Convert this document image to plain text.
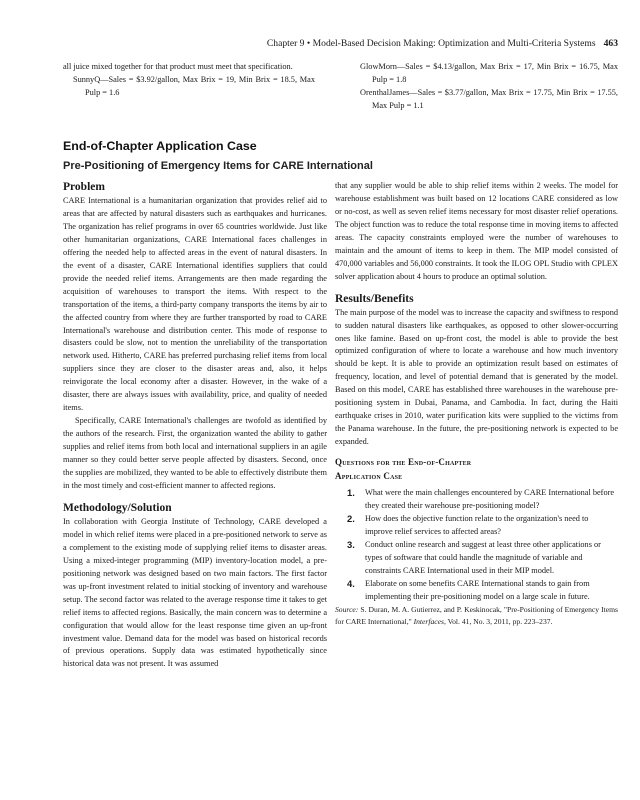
Chapter 9 • Model-Based Decision Making: Optimization and Multi-Criteria Systems 463

all juice mixed together for that product must meet that specification.

SunnyQ—Sales = $3.92/gallon, Max Brix = 19, Min Brix = 18.5, Max Pulp = 1.6

GlowMorn—Sales = $4.13/gallon, Max Brix = 17, Min Brix = 16.75, Max Pulp = 1.8

OrenthalJames—Sales = $3.77/gallon, Max Brix = 17.75, Min Brix = 17.55, Max Pulp = 1.1

End-of-Chapter Application Case
Pre-Positioning of Emergency Items for CARE International
Problem

CARE International is a humanitarian organization that provides relief aid to areas that are affected by natural disasters such as earthquakes and hurricanes. The organization has relief programs in over 65 countries worldwide. Just like other humanitarian organizations, CARE International faces challenges in offering the needed help to affected areas in the event of natural disasters. In the event of a disaster, CARE International identifies suppliers that could provide the needed relief items. Arrangements are then made regarding the acquisition of warehouses to transport the items. With respect to the transportation of the items, a third-party company transports the items by air to the affected country from where they are further transported by road to CARE International's warehouse and distribution center. This mode of response to disasters could be slow, not to mention the unreliability of the transportation network used. Hitherto, CARE has preferred purchasing relief items from local suppliers since they are closer to the disaster areas and, also, it helps reinvigorate the local economy after a disaster. However, in the wake of a disaster, there are always issues with availability, price, and quality of needed items.

Specifically, CARE International's challenges are twofold as identified by the authors of the research. First, the organization wanted the ability to gather supplies and relief items from both local and international suppliers in an agile manner so they could better serve people affected by disasters. Second, once the supplies are mobilized, they wanted to be able to effectively distribute them in the most timely and cost-efficient manner to affected regions.

Methodology/Solution

In collaboration with Georgia Institute of Technology, CARE developed a model in which relief items were placed in a pre-positioned network to serve as a complement to the existing mode of supplying relief items to disaster areas. Using a mixed-integer programming (MIP) inventory-location model, a pre-positioning network was designed based on two main factors. The first factor was up-front investment related to initial stocking of inventory and warehouse setup. The second factor was related to the average response time it takes to get relief items to affected regions. Basically, the main concern was to determine a configuration that would allow for the least response time given an up-front investment value. Demand data for the model was based on historical records of previous operations. Supply data was estimated hypothetically since historical data was not present. It was assumed

that any supplier would be able to ship relief items within 2 weeks. The model for warehouse establishment was built based on 12 locations CARE considered as low or no-cost, as well as seven relief items necessary for most disaster relief operations. The object function was to reduce the total response time in moving items to affected areas. The capacity constraints employed were the number of warehouses to maintain and the amount of items to keep in them. The MIP model consisted of 470,000 variables and 56,000 constraints. It took the ILOG OPL Studio with CPLEX solver application about 4 hours to produce an optimal solution.

Results/Benefits

The main purpose of the model was to increase the capacity and swiftness to respond to sudden natural disasters like earthquakes, as opposed to other slower-occurring ones like famine. Based on up-front cost, the model is able to provide the best optimized configuration of where to locate a warehouse and how much inventory should be kept. It is able to provide an optimization result based on estimates of frequency, location, and level of potential demand that is generated by the model. Based on this model, CARE has established three warehouses in the warehouse pre-positioning system in Dubai, Panama, and Cambodia. In fact, during the Haiti earthquake crises in 2010, water purification kits were supplied to the victims from the Panama warehouse. In the future, the pre-positioning network is expected to be expanded.

Questions for the End-of-Chapter
Application Case
1. What were the main challenges encountered by CARE International before they created their warehouse pre-positioning model?
2. How does the objective function relate to the organization's need to improve relief services to affected areas?
3. Conduct online research and suggest at least three other applications or types of software that could handle the magnitude of variable and constraints CARE International used in their MIP model.
4. Elaborate on some benefits CARE International stands to gain from implementing their pre-positioning model on a large scale in future.

Source: S. Duran, M. A. Gutierrez, and P. Keskinocak, "Pre-Positioning of Emergency Items for CARE International," Interfaces, Vol. 41, No. 3, 2011, pp. 223–237.
